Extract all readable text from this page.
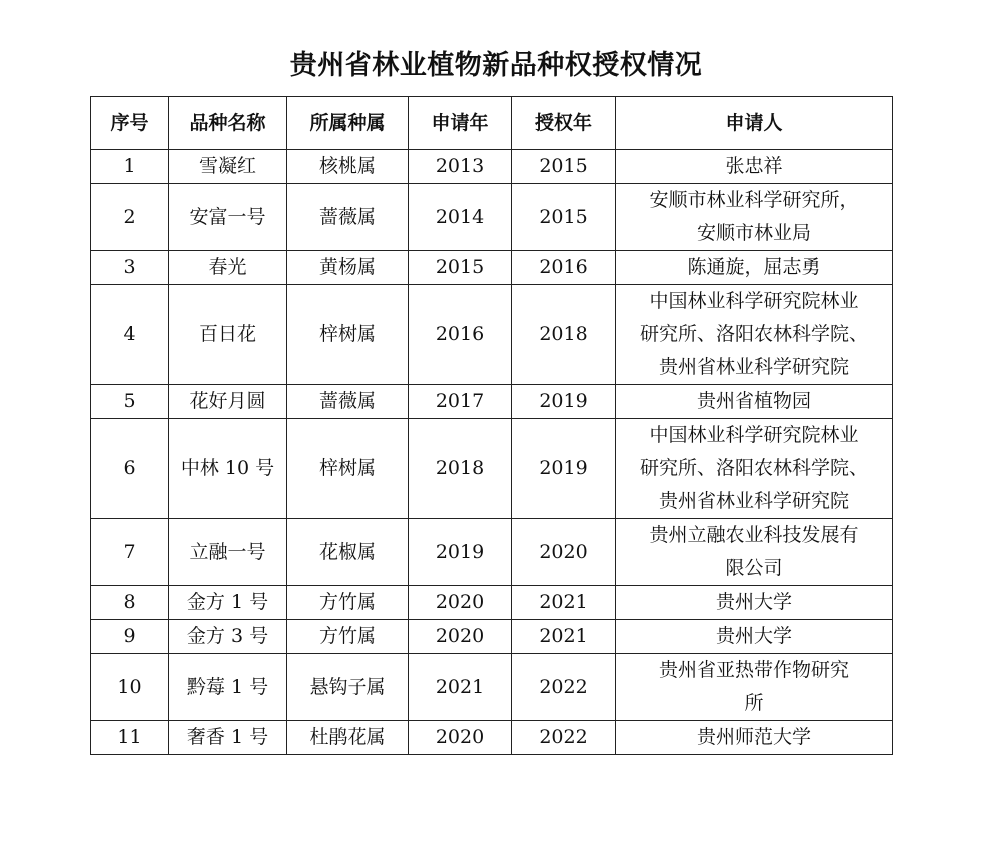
贵州省林业植物新品种权授权情况
序号	品种名称	所属种属	申请年	授权年	申请人
1	雪凝红	核桃属	2013	2015	张忠祥

2	安富一号	蔷薇属	2014	2015	安顺市林业科学研究所，
安顺市林业局

3	春光	黄杨属	2015	2016	陈通旋，屈志勇

4	百日花	梓树属	2016	2018	中国林业科学研究院林业
研究所、洛阳农林科学院、
贵州省林业科学研究院

5	花好月圆	蔷薇属	2017	2019	贵州省植物园

6	中林 10 号	梓树属	2018	2019	中国林业科学研究院林业
研究所、洛阳农林科学院、
贵州省林业科学研究院

7	立融一号	花椒属	2019	2020	贵州立融农业科技发展有
限公司

8	金方 1 号	方竹属	2020	2021	贵州大学

9	金方 3 号	方竹属	2020	2021	贵州大学

10	黔莓 1 号	悬钩子属	2021	2022	贵州省亚热带作物研究
所

11	奢香 1 号	杜鹃花属	2020	2022	贵州师范大学
